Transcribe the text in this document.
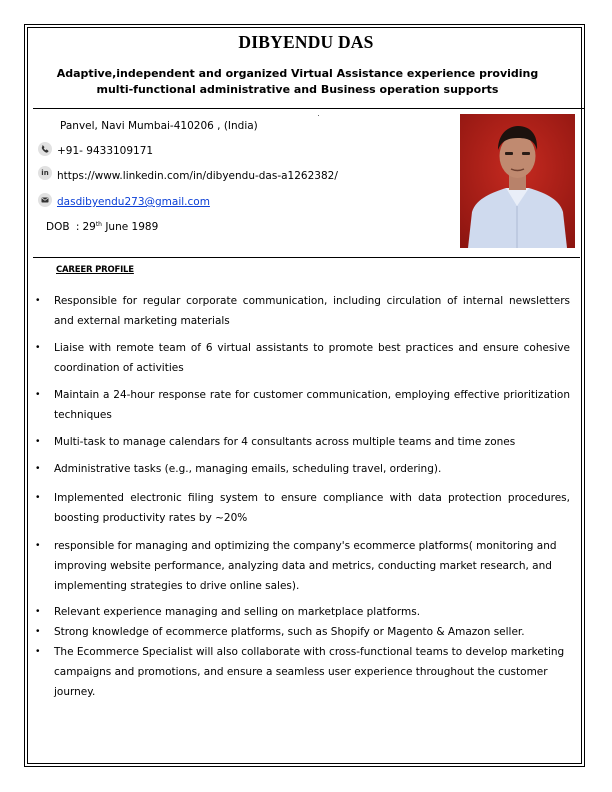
DIBYENDU DAS
Adaptive,independent and organized Virtual Assistance experience providing multi-functional administrative and Business operation supports
Panvel, Navi Mumbai-410206 , (India)
+91- 9433109171
in https://www.linkedin.com/in/dibyendu-das-a1262382/
dasdibyendu273@gmail.com
DOB : 29th June 1989
CAREER PROFILE
• Responsible for regular corporate communication, including circulation of internal newsletters and external marketing materials
• Liaise with remote team of 6 virtual assistants to promote best practices and ensure cohesive coordination of activities
• Maintain a 24-hour response rate for customer communication, employing effective prioritization techniques
• Multi-task to manage calendars for 4 consultants across multiple teams and time zones
• Administrative tasks (e.g., managing emails, scheduling travel, ordering).
• Implemented electronic filing system to ensure compliance with data protection procedures, boosting productivity rates by ~20%
• responsible for managing and optimizing the company's ecommerce platforms( monitoring and improving website performance, analyzing data and metrics, conducting market research, and implementing strategies to drive online sales).
• Relevant experience managing and selling on marketplace platforms.
• Strong knowledge of ecommerce platforms, such as Shopify or Magento & Amazon seller.
• The Ecommerce Specialist will also collaborate with cross-functional teams to develop marketing campaigns and promotions, and ensure a seamless user experience throughout the customer journey.
